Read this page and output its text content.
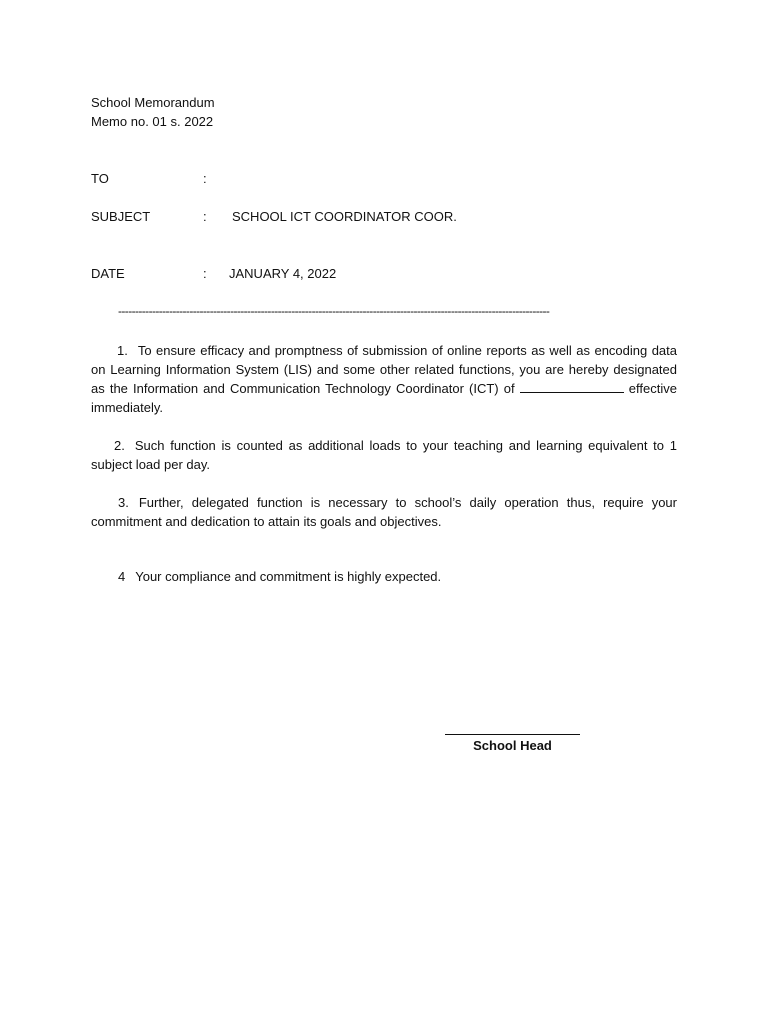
School Memorandum
Memo no. 01 s. 2022
TO	:
SUBJECT	: SCHOOL ICT COORDINATOR COOR.
DATE	: JANUARY 4, 2022
-------------------------------------------------------------------------------------------------------------------------------
1. To ensure efficacy and promptness of submission of online reports as well as encoding data on Learning Information System (LIS) and some other related functions, you are hereby designated as the Information and Communication Technology Coordinator (ICT) of	effective immediately.
2. Such function is counted as additional loads to your teaching and learning equivalent to 1 subject load per day.
3. Further, delegated function is necessary to school’s daily operation thus, require your commitment and dedication to attain its goals and objectives.
4 Your compliance and commitment is highly expected.
School Head
